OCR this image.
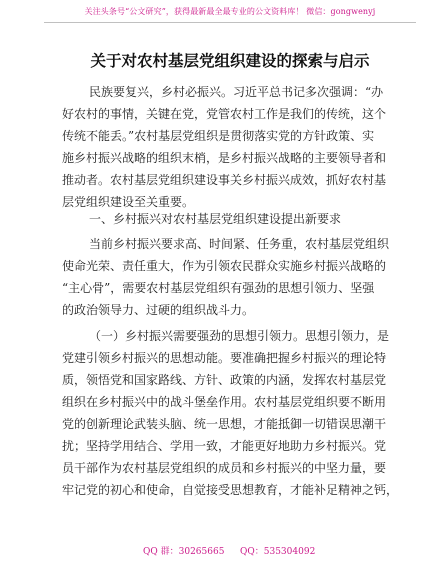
关注头条号“公文研究”，获得最新最全最专业的公文资料库！ 微信：gongwenyj
关于对农村基层党组织建设的探索与启示
民族要复兴，乡村必振兴。习近平总书记多次强调：“办
好农村的事情，关键在党，党管农村工作是我们的传统，这个
传统不能丢。”农村基层党组织是贯彻落实党的方针政策、实
施乡村振兴战略的组织末梢，是乡村振兴战略的主要领导者和
推动者。农村基层党组织建设事关乡村振兴成效，抓好农村基
层党组织建设至关重要。
一、乡村振兴对农村基层党组织建设提出新要求
当前乡村振兴要求高、时间紧、任务重，农村基层党组织
使命光荣、责任重大，作为引领农民群众实施乡村振兴战略的
“主心骨”，需要农村基层党组织有强劲的思想引领力、坚强
的政治领导力、过硬的组织战斗力。
（一）乡村振兴需要强劲的思想引领力。思想引领力，是
党建引领乡村振兴的思想动能。要准确把握乡村振兴的理论特
质，领悟党和国家路线、方针、政策的内涵，发挥农村基层党
组织在乡村振兴中的战斗堡垒作用。农村基层党组织要不断用
党的创新理论武装头脑、统一思想，才能抵御一切错误思潮干
扰；坚持学用结合、学用一致，才能更好地助力乡村振兴。党
员干部作为农村基层党组织的成员和乡村振兴的中坚力量，要
牢记党的初心和使命，自觉接受思想教育，才能补足精神之钙，
QQ 群：30265665 QQ：535304092
